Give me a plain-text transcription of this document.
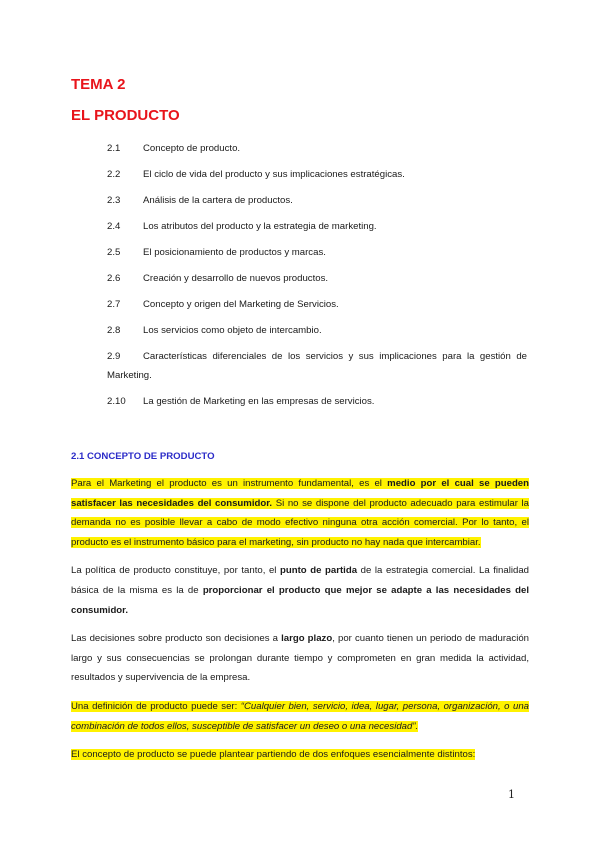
TEMA 2
EL PRODUCTO
2.1	Concepto de producto.
2.2	El ciclo de vida del producto y sus implicaciones estratégicas.
2.3	Análisis de la cartera de productos.
2.4	Los atributos del producto y la estrategia de marketing.
2.5	El posicionamiento de productos y marcas.
2.6	Creación y desarrollo de nuevos productos.
2.7	Concepto y origen del Marketing de Servicios.
2.8	Los servicios como objeto de intercambio.
2.9	Características diferenciales de los servicios y sus implicaciones para la gestión de
Marketing.
2.10	La gestión de Marketing en las empresas de servicios.
2.1 CONCEPTO DE PRODUCTO

Para el Marketing el producto es un instrumento fundamental, es el medio por el cual se pueden satisfacer las necesidades del consumidor. Si no se dispone del producto adecuado para estimular la demanda no es posible llevar a cabo de modo efectivo ninguna otra acción comercial. Por lo tanto, el producto es el instrumento básico para el marketing, sin producto no hay nada que intercambiar.

La política de producto constituye, por tanto, el punto de partida de la estrategia comercial. La finalidad básica de la misma es la de proporcionar el producto que mejor se adapte a las necesidades del consumidor.

Las decisiones sobre producto son decisiones a largo plazo, por cuanto tienen un periodo de maduración largo y sus consecuencias se prolongan durante tiempo y comprometen en gran medida la actividad, resultados y supervivencia de la empresa.

Una definición de producto puede ser: “Cualquier bien, servicio, idea, lugar, persona, organización, o una combinación de todos ellos, susceptible de satisfacer un deseo o una necesidad”.

El concepto de producto se puede plantear partiendo de dos enfoques esencialmente distintos:

1
